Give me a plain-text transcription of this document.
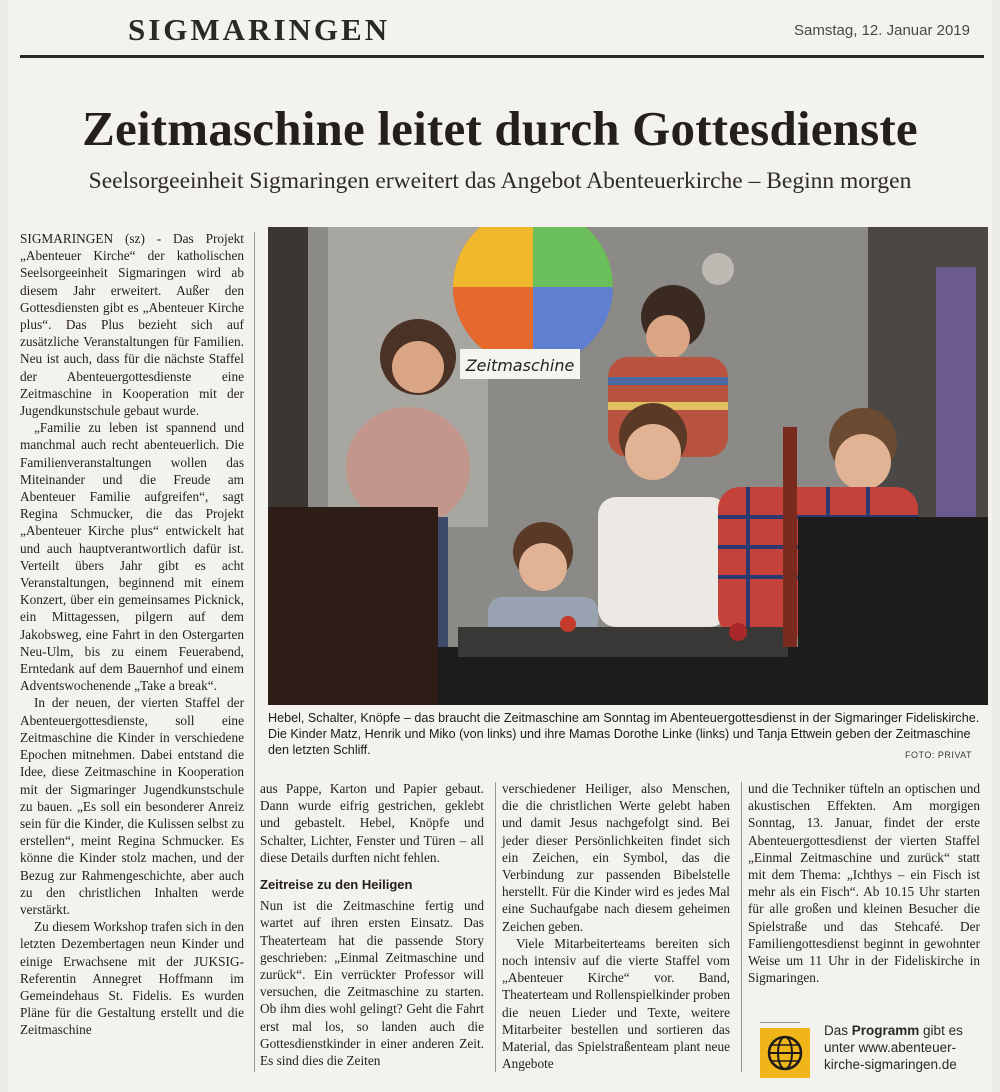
SIGMARINGEN	Samstag, 12. Januar 2019
Zeitmaschine leitet durch Gottesdienste
Seelsorgeeinheit Sigmaringen erweitert das Angebot Abenteuerkirche – Beginn morgen

SIGMARINGEN (sz) - Das Projekt „Abenteuer Kirche“ der katholischen Seelsorgeeinheit Sigmaringen wird ab diesem Jahr erweitert. Außer den Gottesdiensten gibt es „Abenteuer Kirche plus“. Das Plus bezieht sich auf zusätzliche Veranstaltungen für Familien. Neu ist auch, dass für die nächste Staffel der Abenteuergottesdienste eine Zeitmaschine in Kooperation mit der Jugendkunstschule gebaut wurde.

„Familie zu leben ist spannend und manchmal auch recht abenteuerlich. Die Familienveranstaltungen wollen das Miteinander und die Freude am Abenteuer Familie aufgreifen“, sagt Regina Schmucker, die das Projekt „Abenteuer Kirche plus“ entwickelt hat und auch hauptverantwortlich dafür ist. Verteilt übers Jahr gibt es acht Veranstaltungen, beginnend mit einem Konzert, über ein gemeinsames Picknick, ein Mittagessen, pilgern auf dem Jakobsweg, eine Fahrt in den Ostergarten Neu-Ulm, bis zu einem Feuerabend, Erntedank auf dem Bauernhof und einem Adventswochenende „Take a break“.

In der neuen, der vierten Staffel der Abenteuergottesdienste, soll eine Zeitmaschine die Kinder in verschiedene Epochen mitnehmen. Dabei entstand die Idee, diese Zeitmaschine in Kooperation mit der Sigmaringer Jugendkunstschule zu bauen. „Es soll ein besonderer Anreiz sein für die Kinder, die Kulissen selbst zu erstellen“, meint Regina Schmucker. Es könne die Kinder stolz machen, und der Bezug zur Rahmengeschichte, aber auch zu den christlichen Inhalten werde verstärkt.

Zu diesem Workshop trafen sich in den letzten Dezembertagen neun Kinder und einige Erwachsene mit der JUKSIG-Referentin Annegret Hoffmann im Gemeindehaus St. Fidelis. Es wurden Pläne für die Gestaltung erstellt und die Zeitmaschine

Zeitmaschine
Hebel, Schalter, Knöpfe – das braucht die Zeitmaschine am Sonntag im Abenteuergottesdienst in der Sigmaringer Fideliskirche. Die Kinder Matz, Henrik und Miko (von links) und ihre Mamas Dorothe Linke (links) und Tanja Ettwein geben der Zeitmaschine den letzten Schliff.	FOTO: PRIVAT

aus Pappe, Karton und Papier gebaut. Dann wurde eifrig gestrichen, geklebt und gebastelt. Hebel, Knöpfe und Schalter, Lichter, Fenster und Türen – all diese Details durften nicht fehlen.

Zeitreise zu den Heiligen

Nun ist die Zeitmaschine fertig und wartet auf ihren ersten Einsatz. Das Theaterteam hat die passende Story geschrieben: „Einmal Zeitmaschine und zurück“. Ein verrückter Professor will versuchen, die Zeitmaschine zu starten. Ob ihm dies wohl gelingt? Geht die Fahrt erst mal los, so landen auch die Gottesdienstkinder in einer anderen Zeit. Es sind dies die Zeiten

verschiedener Heiliger, also Menschen, die die christlichen Werte gelebt haben und damit Jesus nachgefolgt sind. Bei jeder dieser Persönlichkeiten findet sich ein Zeichen, ein Symbol, das die Verbindung zur passenden Bibelstelle herstellt. Für die Kinder wird es jedes Mal eine Suchaufgabe nach diesem geheimen Zeichen geben.

Viele Mitarbeiterteams bereiten sich noch intensiv auf die vierte Staffel vom „Abenteuer Kirche“ vor. Band, Theaterteam und Rollenspielkinder proben die neuen Lieder und Texte, weitere Mitarbeiter bestellen und sortieren das Material, das Spielstraßenteam plant neue Angebote

und die Techniker tüfteln an optischen und akustischen Effekten. Am morgigen Sonntag, 13. Januar, findet der erste Abenteuergottesdienst der vierten Staffel „Einmal Zeitmaschine und zurück“ statt mit dem Thema: „Ichthys – ein Fisch ist mehr als ein Fisch“. Ab 10.15 Uhr starten für alle großen und kleinen Besucher die Spielstraße und das Stehcafé. Der Familiengottesdienst beginnt in gewohnter Weise um 11 Uhr in der Fideliskirche in Sigmaringen.

Das Programm gibt es
unter www.abenteuer-
kirche-sigmaringen.de
